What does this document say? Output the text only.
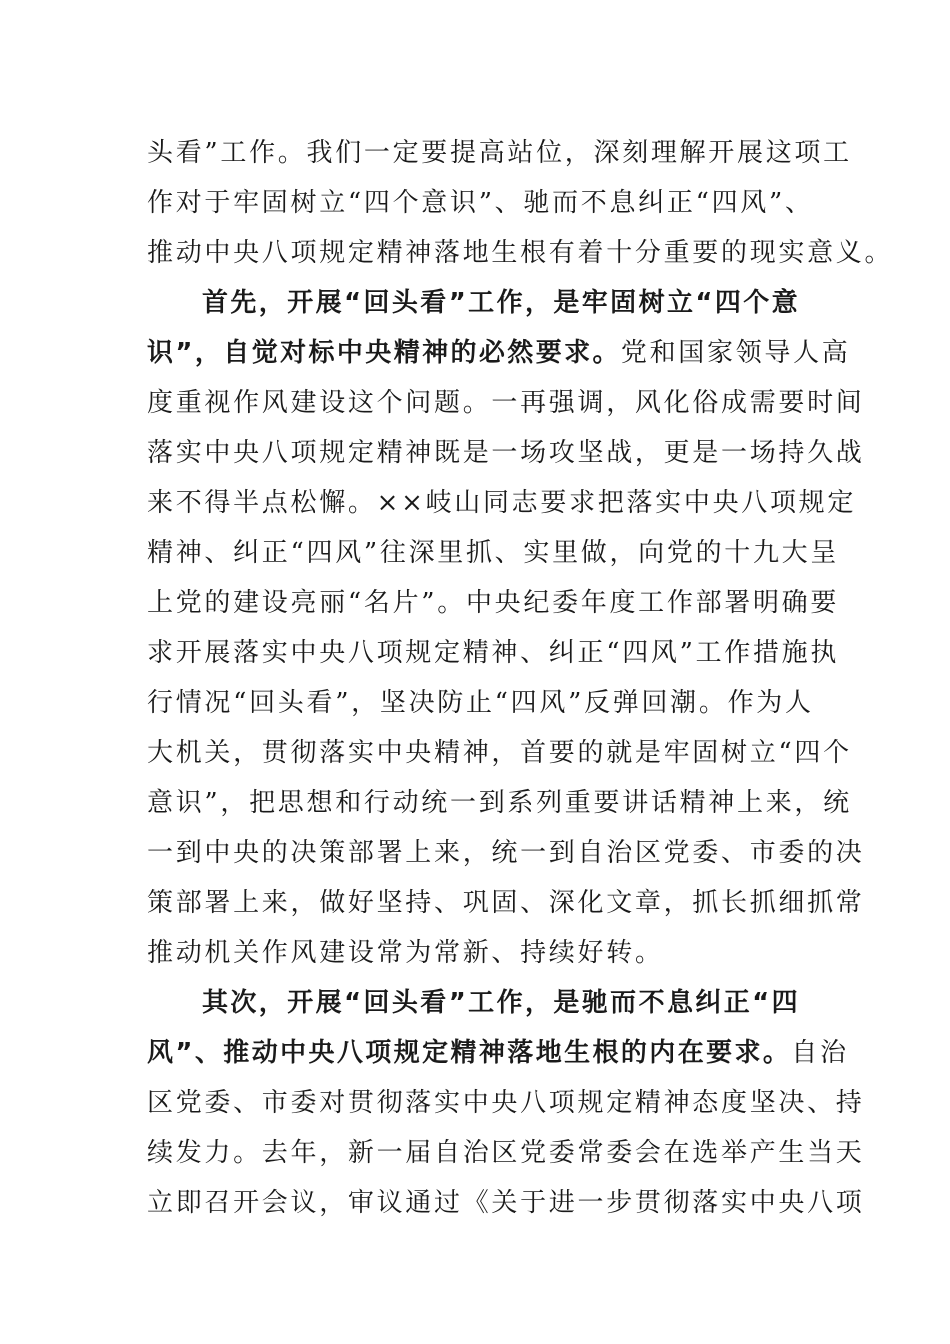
头看”工作。我们一定要提高站位，深刻理解开展这项工
作对于牢固树立“四个意识”、驰而不息纠正“四风”、
推动中央八项规定精神落地生根有着十分重要的现实意义。
首先，开展“回头看”工作，是牢固树立“四个意
识”，自觉对标中央精神的必然要求。党和国家领导人高
度重视作风建设这个问题。一再强调，风化俗成需要时间
落实中央八项规定精神既是一场攻坚战，更是一场持久战
来不得半点松懈。××岐山同志要求把落实中央八项规定
精神、纠正“四风”往深里抓、实里做，向党的十九大呈
上党的建设亮丽“名片”。中央纪委年度工作部署明确要
求开展落实中央八项规定精神、纠正“四风”工作措施执
行情况“回头看”，坚决防止“四风”反弹回潮。作为人
大机关，贯彻落实中央精神，首要的就是牢固树立“四个
意识”，把思想和行动统一到系列重要讲话精神上来，统
一到中央的决策部署上来，统一到自治区党委、市委的决
策部署上来，做好坚持、巩固、深化文章，抓长抓细抓常
推动机关作风建设常为常新、持续好转。
其次，开展“回头看”工作，是驰而不息纠正“四
风”、推动中央八项规定精神落地生根的内在要求。自治
区党委、市委对贯彻落实中央八项规定精神态度坚决、持
续发力。去年，新一届自治区党委常委会在选举产生当天
立即召开会议，审议通过《关于进一步贯彻落实中央八项
